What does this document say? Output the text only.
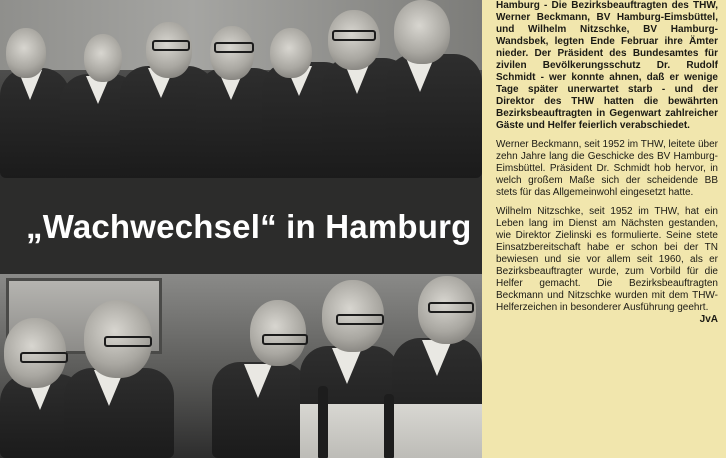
„Wachwechsel“ in Hamburg

Hamburg - Die Bezirksbeauftragten des THW, Werner Beckmann, BV Hamburg-Eimsbüttel, und Wilhelm Nitzschke, BV Hamburg-Wandsbek, legten Ende Februar ihre Ämter nieder. Der Präsident des Bundesamtes für zivilen Bevölkerungsschutz Dr. Rudolf Schmidt - wer konnte ahnen, daß er wenige Tage später unerwartet starb - und der Direktor des THW hatten die bewährten Bezirksbeauftragten in Gegenwart zahlreicher Gäste und Helfer feierlich verabschiedet.

Werner Beckmann, seit 1952 im THW, leitete über zehn Jahre lang die Geschicke des BV Hamburg-Eimsbüttel. Präsident Dr. Schmidt hob hervor, in welch großem Maße sich der scheidende BB stets für das Allgemeinwohl eingesetzt hatte.

Wilhelm Nitzschke, seit 1952 im THW, hat ein Leben lang im Dienst am Nächsten gestanden, wie Direktor Zielinski es formulierte. Seine stete Einsatzbereitschaft habe er schon bei der TN bewiesen und sie vor allem seit 1960, als er Bezirksbeauftragter wurde, zum Vorbild für die Helfer gemacht. Die Bezirksbeauftragten Beckmann und Nitzschke wurden mit dem THW-Helferzeichen in besonderer Ausführung geehrt.
JvA
